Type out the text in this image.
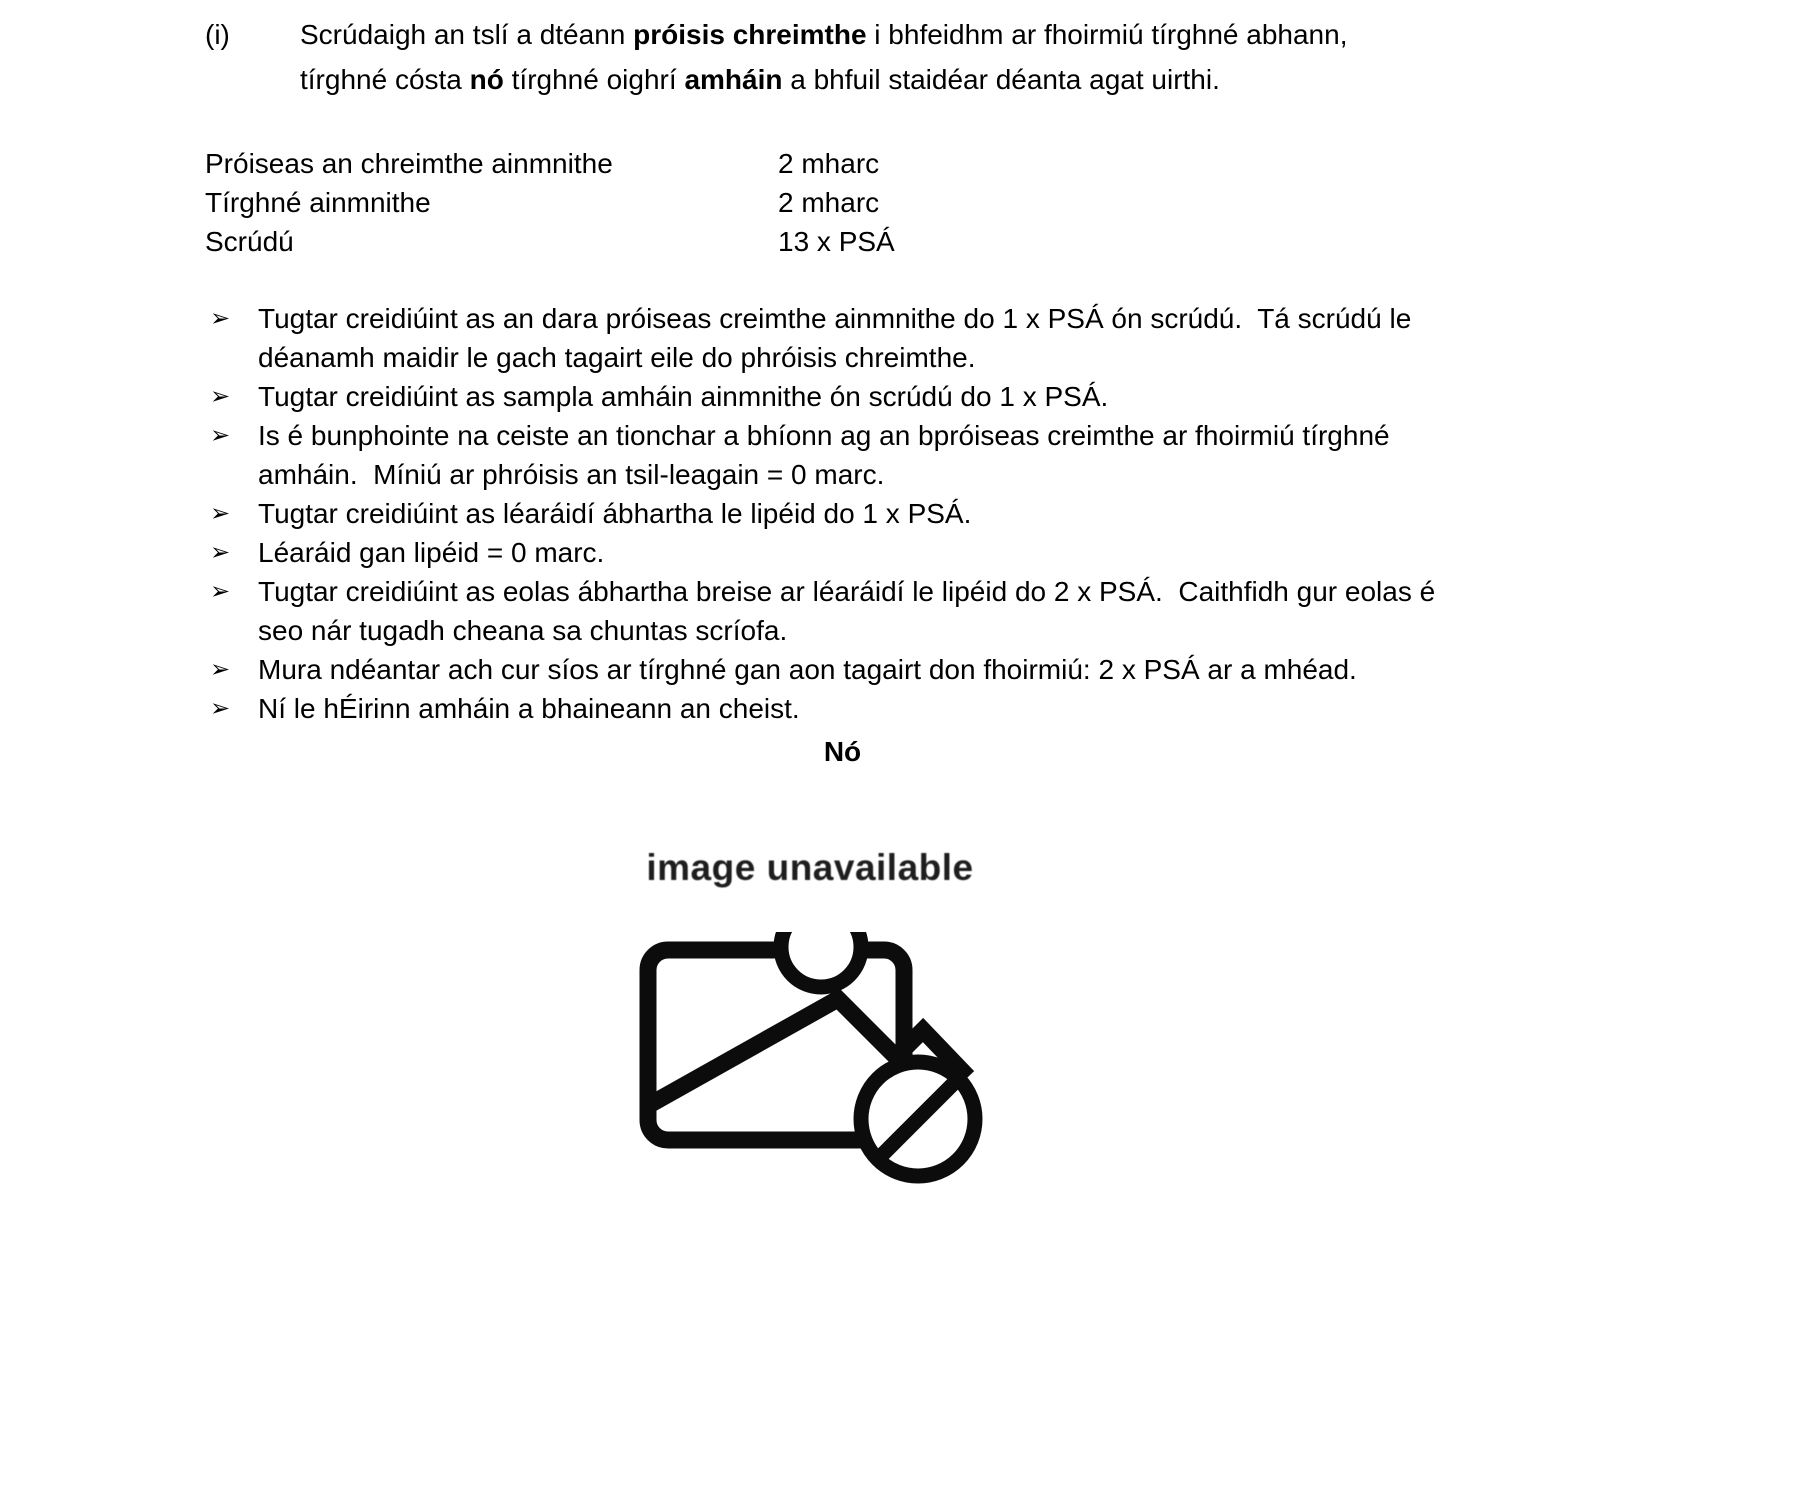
(i)	Scrúdaigh an tslí a dtéann próisis chreimthe i bhfeidhm ar fhoirmiú tírghné abhann, tírghné cósta nó tírghné oighrí amháin a bhfuil staidéar déanta agat uirthi.

Próiseas an chreimthe ainmnithe	2 mharc
Tírghné ainmnithe	2 mharc
Scrúdú	13 x PSÁ
➢ Tugtar creidiúint as an dara próiseas creimthe ainmnithe do 1 x PSÁ ón scrúdú.  Tá scrúdú le déanamh maidir le gach tagairt eile do phróisis chreimthe.
➢ Tugtar creidiúint as sampla amháin ainmnithe ón scrúdú do 1 x PSÁ.
➢ Is é bunphointe na ceiste an tionchar a bhíonn ag an bpróiseas creimthe ar fhoirmiú tírghné amháin.  Míniú ar phróisis an tsil-leagain = 0 marc.
➢ Tugtar creidiúint as léaráidí ábhartha le lipéid do 1 x PSÁ.
➢ Léaráid gan lipéid = 0 marc.
➢ Tugtar creidiúint as eolas ábhartha breise ar léaráidí le lipéid do 2 x PSÁ.  Caithfidh gur eolas é seo nár tugadh cheana sa chuntas scríofa.
➢ Mura ndéantar ach cur síos ar tírghné gan aon tagairt don fhoirmiú: 2 x PSÁ ar a mhéad.
➢ Ní le hÉirinn amháin a bhaineann an cheist.
Nó
image unavailable
